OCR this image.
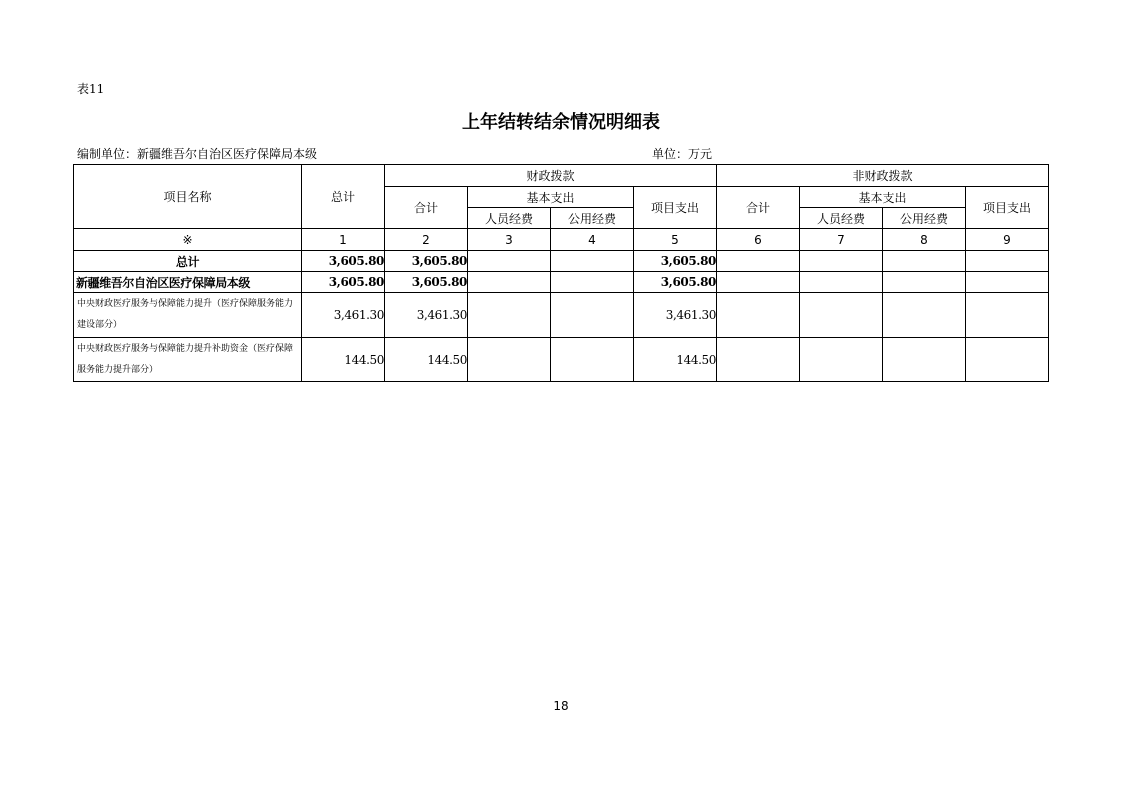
表11
上年结转结余情况明细表
编制单位：新疆维吾尔自治区医疗保障局本级	单位：万元
项目名称	总计	财政拨款				非财政拨款			
		合计	基本支出		项目支出	合计	基本支出		项目支出
			人员经费	公用经费			人员经费	公用经费	
※	1	2	3	4	5	6	7	8	9
总计	3,605.80	3,605.80			3,605.80				
新疆维吾尔自治区医疗保障局本级	3,605.80	3,605.80			3,605.80				
中央财政医疗服务与保障能力提升（医疗保障服务能力建设部分）	3,461.30	3,461.30			3,461.30				
中央财政医疗服务与保障能力提升补助资金（医疗保障服务能力提升部分）	144.50	144.50			144.50				
18
